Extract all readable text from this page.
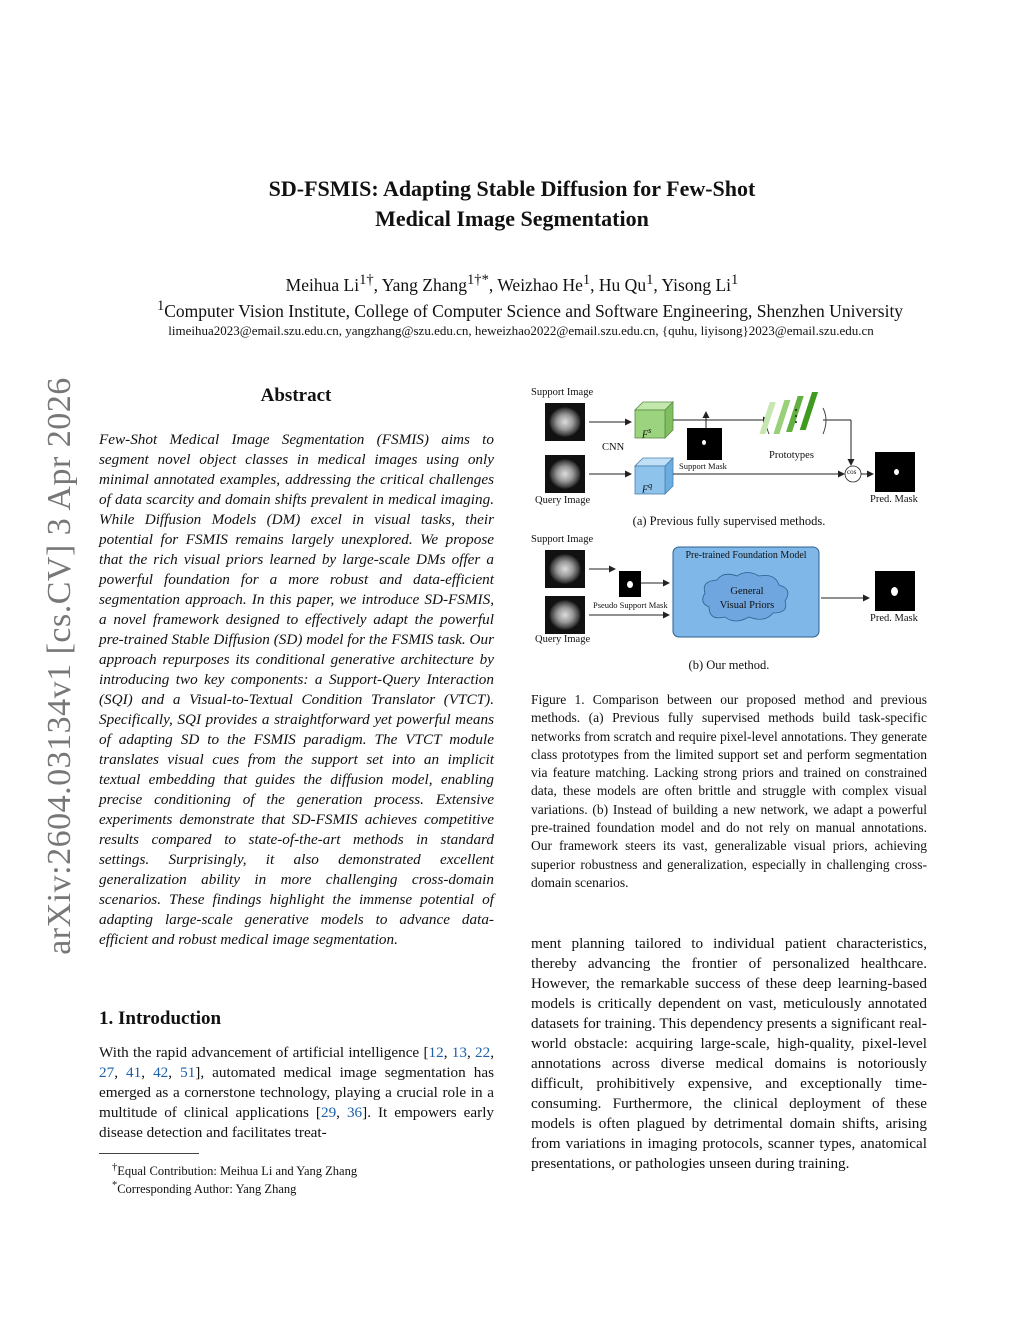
SD-FSMIS: Adapting Stable Diffusion for Few-Shot
Medical Image Segmentation
Meihua $Li^{1\dagger}$, Yang Zhang$^{1\dagger*}$, Weizhao He$^1$, Hu Qu$^1$, Yisong Li$^1$
$^1$Computer Vision Institute, College of Computer Science and Software Engineering, Shenzhen University
limeihua2023@email.szu.edu.cn, yangzhang@szu.edu.cn, heweizhao2022@email.szu.edu.cn, {quhu, liyisong}2023@email.szu.edu.cn
arXiv:2604.03134v1 [cs.CV] 3 Apr 2026	Abstract

Few-Shot Medical Image Segmentation (FSMIS) aims to segment novel object classes in medical images using only minimal annotated examples, addressing the critical challenges of data scarcity and domain shifts prevalent in medical imaging. While Diffusion Models (DM) excel in visual tasks, their potential for FSMIS remains largely unexplored. We propose that the rich visual priors learned by large-scale DMs offer a powerful foundation for a more robust and data-efficient segmentation approach. In this paper, we introduce SD-FSMIS, a novel framework designed to effectively adapt the powerful pre-trained Stable Diffusion (SD) model for the FSMIS task. Our approach repurposes its conditional generative architecture by introducing two key components: a Support-Query Interaction (SQI) and a Visual-to-Textual Condition Translator (VTCT). Specifically, SQI provides a straightforward yet powerful means of adapting SD to the FSMIS paradigm. The VTCT module translates visual cues from the support set into an implicit textual embedding that guides the diffusion model, enabling precise conditioning of the generation process. Extensive experiments demonstrate that SD-FSMIS achieves competitive results compared to state-of-the-art methods in standard settings. Surprisingly, it also demonstrated excellent generalization ability in more challenging cross-domain scenarios. These findings highlight the immense potential of adapting large-scale generative models to advance data-efficient and robust medical image segmentation.

1. Introduction

With the rapid advancement of artificial intelligence [12, 13, 22, 27, 41, 42, 51], automated medical image segmentation has emerged as a cornerstone technology, playing a crucial role in a multitude of clinical applications [29, 36]. It empowers early disease detection and facilitates treat-

ment planning tailored to individual patient characteristics, thereby advancing the frontier of personalized healthcare. However, the remarkable success of these deep learning-based models is critically dependent on vast, meticulously annotated datasets for training. This dependency presents a significant real-world obstacle: acquiring large-scale, high-quality, pixel-level annotations across diverse medical domains is notoriously difficult, prohibitively expensive, and exceptionally time-consuming. Furthermore, the clinical deployment of these models is often plagued by detrimental domain shifts, arising from variations in imaging protocols, scanner types, anatomical presentations, or pathologies unseen during training.

†Equal Contribution: Meihua Li and Yang Zhang
*Corresponding Author: Yang Zhang
Support Image
Query Image
CNN
$F^s$
$F^q$
Support Mask
Prototypes
cos
Pred. Mask
(a) Previous fully supervised methods.
Support Image
Query Image
Pseudo Support Mask
Pre-trained Foundation Model
General
Visual Priors
Pred. Mask
(b) Our method.
Figure 1. Comparison between our proposed method and previous methods. (a) Previous fully supervised methods build task-specific networks from scratch and require pixel-level annotations. They generate class prototypes from the limited support set and perform segmentation via feature matching. Lacking strong priors and trained on constrained data, these models are often brittle and struggle with complex visual variations. (b) Instead of building a new network, we adapt a powerful pre-trained foundation model and do not rely on manual annotations. Our framework steers its vast, generalizable visual priors, achieving superior robustness and generalization, especially in challenging cross-domain scenarios.
